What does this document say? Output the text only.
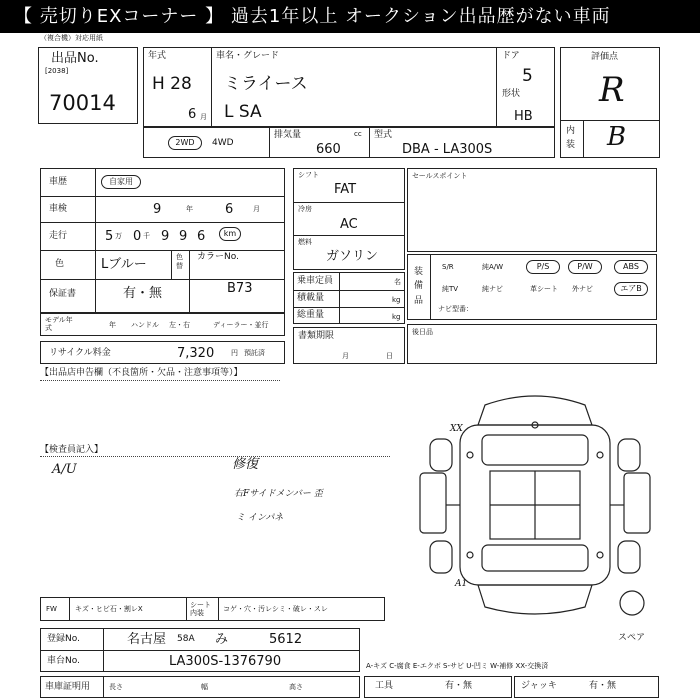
【 売切りEXコーナー 】 過去1年以上 オークション出品歴がない車両
（複合機）対応用紙
出品No.
[2038]
70014
年式
H 28
6 月
車名・グレード
ミライース
L SA
ドア
5
形状
HB
評価点
R
内装 B
2WD	4WD
排気量	cc
660
型式
DBA - LA300S
車歴	自家用
車検	9	年 6	月
走行	5 万 0 千 9 9 6	km
色	Lブルー	色替
カラーNo.
B73
保証書	有・無
モデル年式	年 ハンドル 左・右	ディーラー・並行
リサイクル料金	7,320 円 預託済
シフト
FAT
冷房
AC
燃料
ガソリン
乗車定員	名
積載量	kg
総重量	kg
書類期限
月	日
セールスポイント
装備品
S/R	純A/W	P/S	P/W	ABS
純TV	純ナビ	革シート 外ナビ	エアB
ナビ型番：
後日品
【出品店申告欄（不良箇所・欠品・注意事項等）】
【検査員記入】
A/U	修復
右Fサイドメンバー 歪
ミ インパネ
XX
A1
スペア
FW	キズ・ヒビ石・割レX	シート内装
コゲ・穴・汚レシミ・破レ・スレ
登録No.	名古屋 58A み	5612
車台No.	LA300S-1376790	A-キズ C-腐食 E-エクボ S-サビ U-凹ミ W-補修 XX-交換済
車庫証明用	長さ	幅	高さ	工具	有・無	ジャッキ	有・無
